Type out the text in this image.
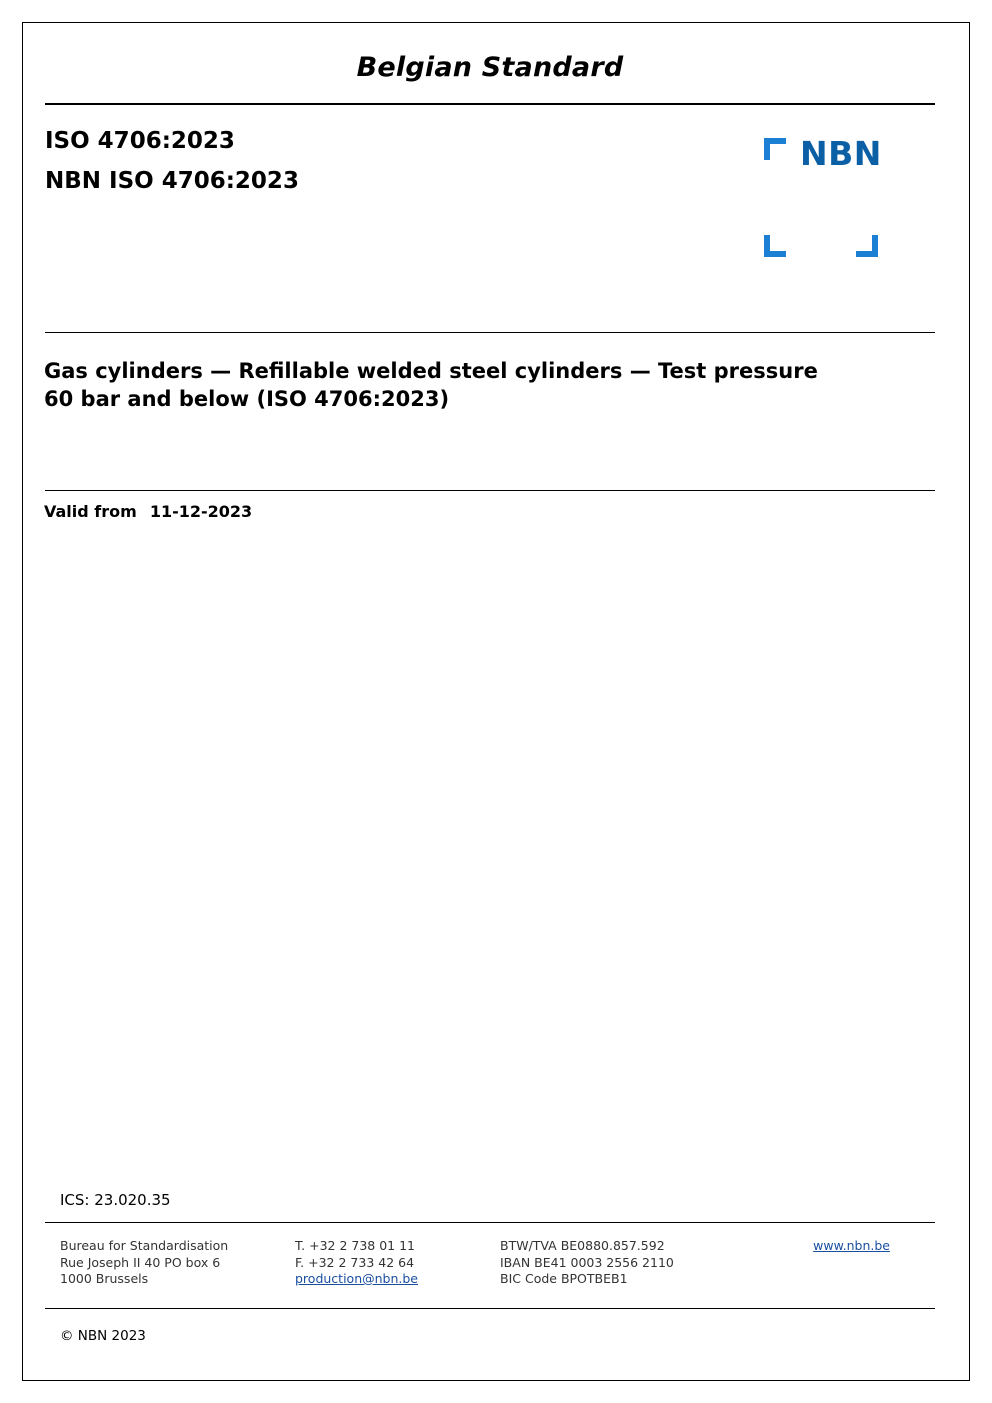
Belgian Standard
ISO 4706:2023
NBN ISO 4706:2023
NBN
Gas cylinders — Refillable welded steel cylinders — Test pressure 60 bar and below (ISO 4706:2023)
Valid from 11-12-2023
ICS: 23.020.35
Bureau for Standardisation
Rue Joseph II 40 PO box 6
1000 Brussels
T. +32 2 738 01 11
F. +32 2 733 42 64
production@nbn.be
BTW/TVA BE0880.857.592
IBAN BE41 0003 2556 2110
BIC Code BPOTBEB1
www.nbn.be
© NBN 2023
